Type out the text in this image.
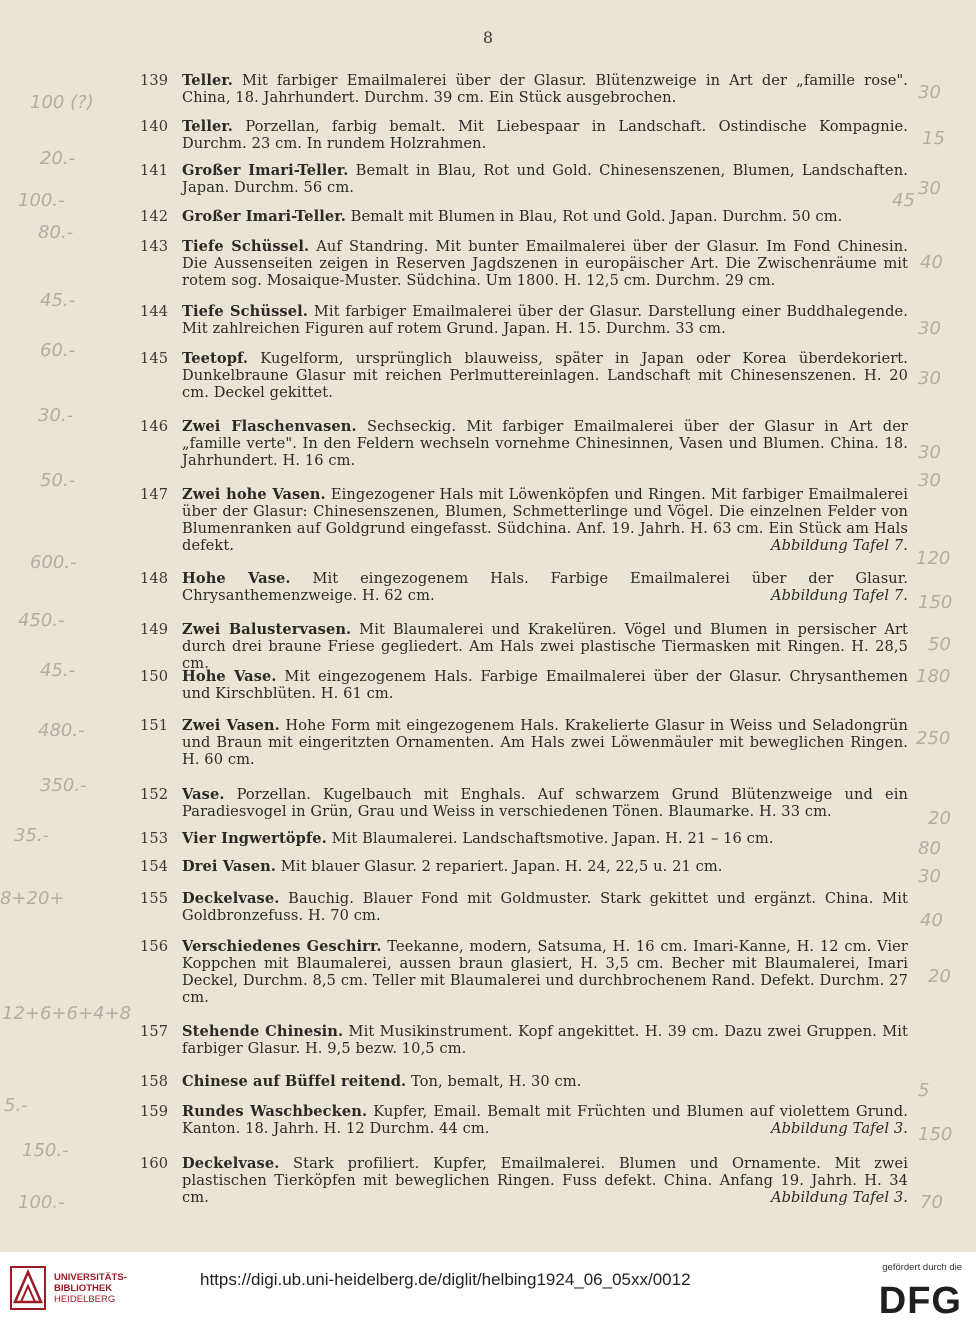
8
139 Teller. Mit farbiger Emailmalerei über der Glasur. Blütenzweige in Art der „famille rose". China, 18. Jahrhundert. Durchm. 39 cm. Ein Stück ausgebrochen.
140 Teller. Porzellan, farbig bemalt. Mit Liebespaar in Landschaft. Ostindische Kompagnie. Durchm. 23 cm. In rundem Holzrahmen.
141 Großer Imari-Teller. Bemalt in Blau, Rot und Gold. Chinesenszenen, Blumen, Landschaften. Japan. Durchm. 56 cm.
142 Großer Imari-Teller. Bemalt mit Blumen in Blau, Rot und Gold. Japan. Durchm. 50 cm.
143 Tiefe Schüssel. Auf Standring. Mit bunter Emailmalerei über der Glasur. Im Fond Chinesin. Die Aussenseiten zeigen in Reserven Jagdszenen in europäischer Art. Die Zwischenräume mit rotem sog. Mosaique-Muster. Südchina. Um 1800. H. 12,5 cm. Durchm. 29 cm.
144 Tiefe Schüssel. Mit farbiger Emailmalerei über der Glasur. Darstellung einer Buddhalegende. Mit zahlreichen Figuren auf rotem Grund. Japan. H. 15. Durchm. 33 cm.
145 Teetopf. Kugelform, ursprünglich blauweiss, später in Japan oder Korea überdekoriert. Dunkelbraune Glasur mit reichen Perlmuttereinlagen. Landschaft mit Chinesenszenen. H. 20 cm. Deckel gekittet.
146 Zwei Flaschenvasen. Sechseckig. Mit farbiger Emailmalerei über der Glasur in Art der „famille verte". In den Feldern wechseln vornehme Chinesinnen, Vasen und Blumen. China. 18. Jahrhundert. H. 16 cm.
147 Zwei hohe Vasen. Eingezogener Hals mit Löwenköpfen und Ringen. Mit farbiger Emailmalerei über der Glasur: Chinesenszenen, Blumen, Schmetterlinge und Vögel. Die einzelnen Felder von Blumenranken auf Goldgrund eingefasst. Südchina. Anf. 19. Jahrh. H. 63 cm. Ein Stück am Hals defekt.	Abbildung Tafel 7.
148 Hohe Vase. Mit eingezogenem Hals. Farbige Emailmalerei über der Glasur. Chrysanthemenzweige. H. 62 cm.	Abbildung Tafel 7.
149 Zwei Balustervasen. Mit Blaumalerei und Krakelüren. Vögel und Blumen in persischer Art durch drei braune Friese gegliedert. Am Hals zwei plastische Tiermasken mit Ringen. H. 28,5 cm.
150 Hohe Vase. Mit eingezogenem Hals. Farbige Emailmalerei über der Glasur. Chrysanthemen und Kirschblüten. H. 61 cm.
151 Zwei Vasen. Hohe Form mit eingezogenem Hals. Krakelierte Glasur in Weiss und Seladongrün und Braun mit eingeritzten Ornamenten. Am Hals zwei Löwenmäuler mit beweglichen Ringen. H. 60 cm.
152 Vase. Porzellan. Kugelbauch mit Enghals. Auf schwarzem Grund Blütenzweige und ein Paradiesvogel in Grün, Grau und Weiss in verschiedenen Tönen. Blaumarke. H. 33 cm.
153 Vier Ingwertöpfe. Mit Blaumalerei. Landschaftsmotive. Japan. H. 21 – 16 cm.
154 Drei Vasen. Mit blauer Glasur. 2 repariert. Japan. H. 24, 22,5 u. 21 cm.
155 Deckelvase. Bauchig. Blauer Fond mit Goldmuster. Stark gekittet und ergänzt. China. Mit Goldbronzefuss. H. 70 cm.
156 Verschiedenes Geschirr. Teekanne, modern, Satsuma, H. 16 cm. Imari-Kanne, H. 12 cm. Vier Koppchen mit Blaumalerei, aussen braun glasiert, H. 3,5 cm. Becher mit Blaumalerei, Imari Deckel, Durchm. 8,5 cm. Teller mit Blaumalerei und durchbrochenem Rand. Defekt. Durchm. 27 cm.
157 Stehende Chinesin. Mit Musikinstrument. Kopf angekittet. H. 39 cm. Dazu zwei Gruppen. Mit farbiger Glasur. H. 9,5 bezw. 10,5 cm.
158 Chinese auf Büffel reitend. Ton, bemalt, H. 30 cm.
159 Rundes Waschbecken. Kupfer, Email. Bemalt mit Früchten und Blumen auf violettem Grund. Kanton. 18. Jahrh. H. 12 Durchm. 44 cm.	Abbildung Tafel 3.
160 Deckelvase. Stark profiliert. Kupfer, Emailmalerei. Blumen und Ornamente. Mit zwei plastischen Tierköpfen mit beweglichen Ringen. Fuss defekt. China. Anfang 19. Jahrh. H. 34 cm.	Abbildung Tafel 3.
100 (?)
20.-
100.-
80.-
45.-
60.-
30.-
50.-
600.-
450.-
45.-
480.-
350.-
35.-
8+20+
12+6+6+4+8
5.-
150.-
100.-
30
15
45
30
40
30
30
30
30
120
150
50
180
250
20
80
30
40
20
5
150
70
UNIVERSITÄTS-
BIBLIOTHEK
HEIDELBERG
https://digi.ub.uni-heidelberg.de/diglit/helbing1924_06_05xx/0012
gefördert durch die
DFG
